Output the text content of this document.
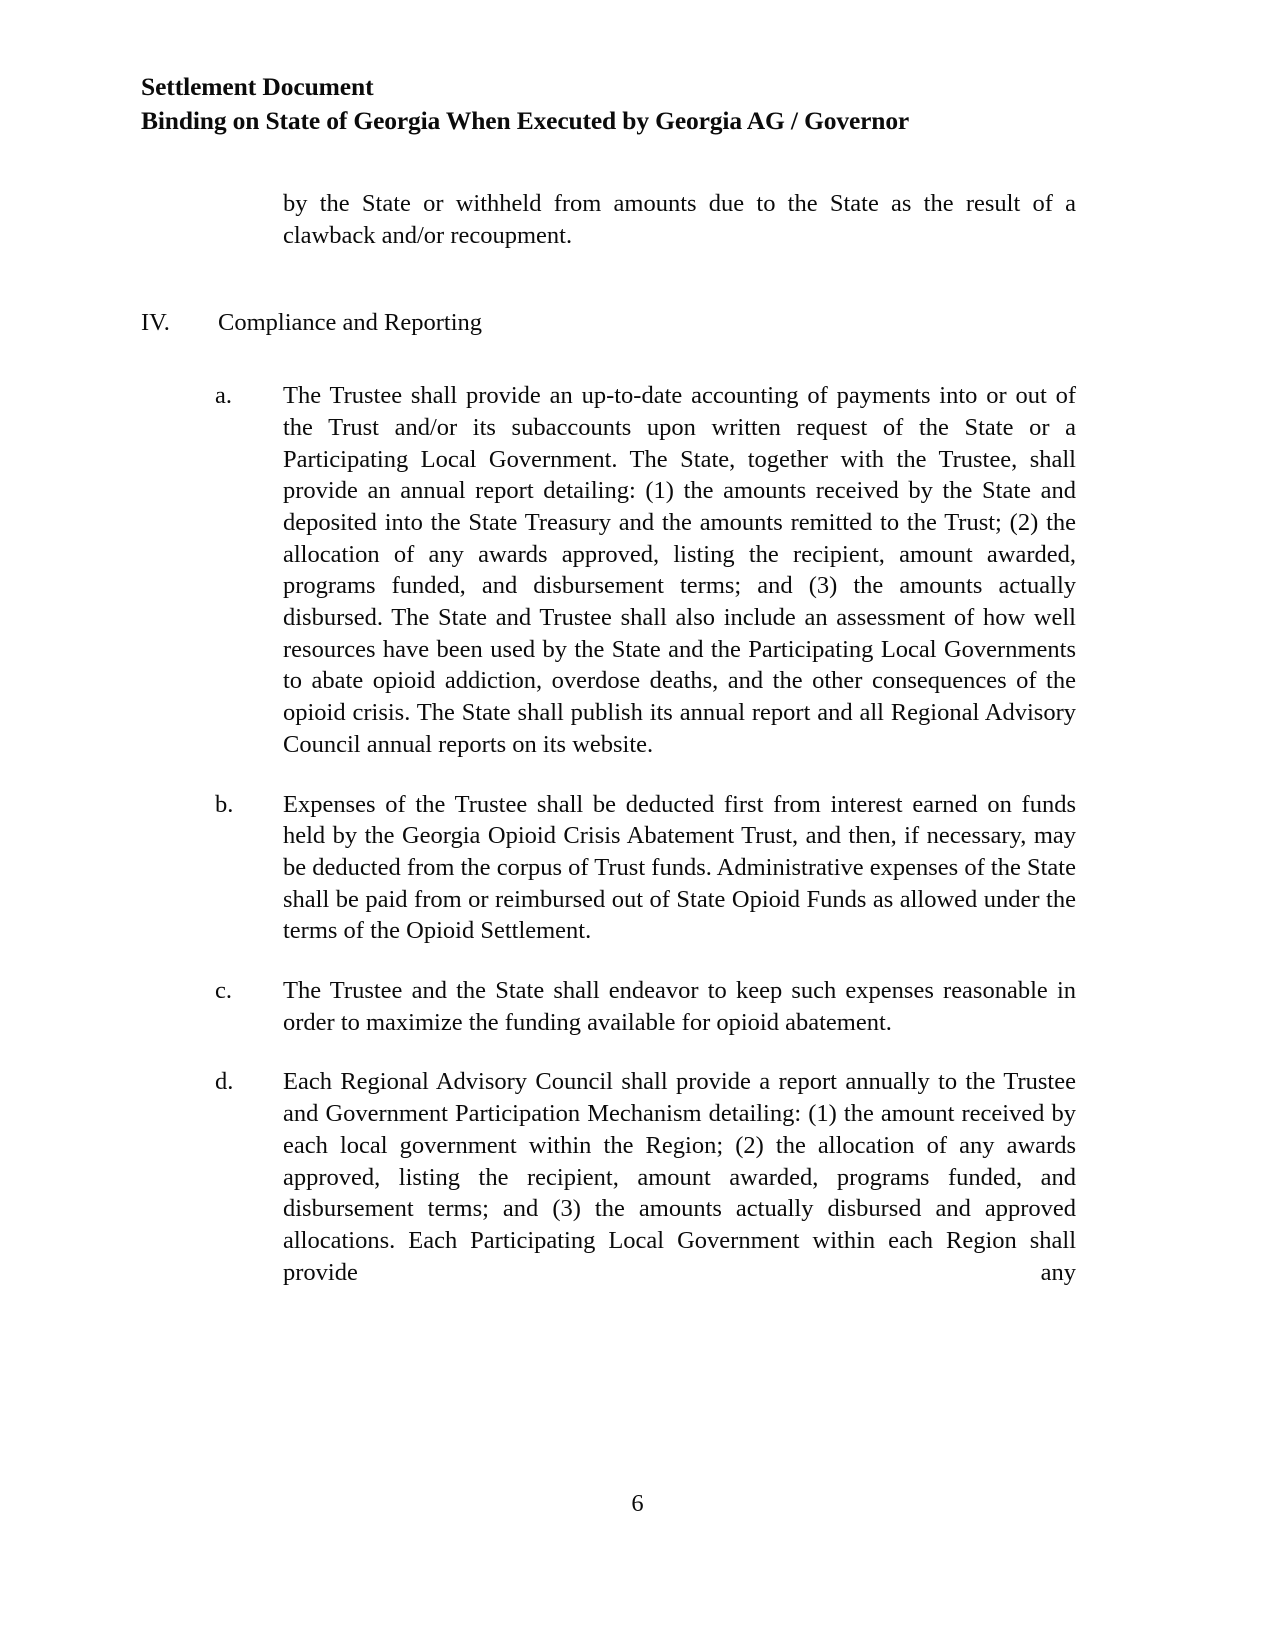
Settlement Document
Binding on State of Georgia When Executed by Georgia AG / Governor

by the State or withheld from amounts due to the State as the result of a clawback and/or recoupment.

IV.	Compliance and Reporting
a.	The Trustee shall provide an up-to-date accounting of payments into or out of the Trust and/or its subaccounts upon written request of the State or a Participating Local Government. The State, together with the Trustee, shall provide an annual report detailing: (1) the amounts received by the State and deposited into the State Treasury and the amounts remitted to the Trust; (2) the allocation of any awards approved, listing the recipient, amount awarded, programs funded, and disbursement terms; and (3) the amounts actually disbursed. The State and Trustee shall also include an assessment of how well resources have been used by the State and the Participating Local Governments to abate opioid addiction, overdose deaths, and the other consequences of the opioid crisis. The State shall publish its annual report and all Regional Advisory Council annual reports on its website.

b.	Expenses of the Trustee shall be deducted first from interest earned on funds held by the Georgia Opioid Crisis Abatement Trust, and then, if necessary, may be deducted from the corpus of Trust funds. Administrative expenses of the State shall be paid from or reimbursed out of State Opioid Funds as allowed under the terms of the Opioid Settlement.

c.	The Trustee and the State shall endeavor to keep such expenses reasonable in order to maximize the funding available for opioid abatement.

d.	Each Regional Advisory Council shall provide a report annually to the Trustee and Government Participation Mechanism detailing: (1) the amount received by each local government within the Region; (2) the allocation of any awards approved, listing the recipient, amount awarded, programs funded, and disbursement terms; and (3) the amounts actually disbursed and approved allocations. Each Participating Local Government within each Region shall provide any

6
